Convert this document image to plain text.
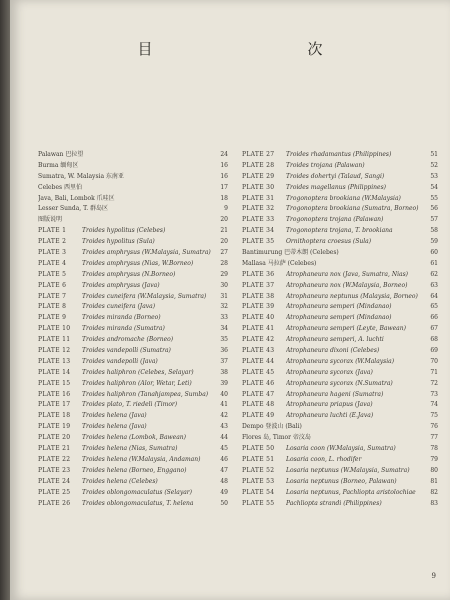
目　次
Palawan 巴拉望	24
Burma 缅甸区	16
Sumatra, W. Malaysia 东南亚	16
Celebes 西里伯	17
Java, Bali, Lombok 爪哇区	18
Lesser Sunda, T. 群岛区	9
图版说明	20
PLATE 1	Troides hypolitus (Celebes)	21
PLATE 2	Troides hypolitus (Sula)	20
PLATE 3	Troides amphrysus (W.Malaysia, Sumatra)	27
PLATE 4	Troides amphrysus (Nias, W.Borneo)	28
PLATE 5	Troides amphrysus (N.Borneo)	29
PLATE 6	Troides amphrysus (Java)	30
PLATE 7	Troides cuneifera (W.Malaysia, Sumatra)	31
PLATE 8	Troides cuneifera (Java)	32
PLATE 9	Troides miranda (Borneo)	33
PLATE 10	Troides miranda (Sumatra)	34
PLATE 11	Troides andromache (Borneo)	35
PLATE 12	Troides vandepolli (Sumatra)	36
PLATE 13	Troides vandepolli (Java)	37
PLATE 14	Troides haliphron (Celebes, Selayar)	38
PLATE 15	Troides haliphron (Alor, Wetar, Leti)	39
PLATE 16	Troides haliphron (Tanahjampea, Sumba)	40
PLATE 17	Troides plato, T. riedeli (Timor)	41
PLATE 18	Troides helena (Java)	42
PLATE 19	Troides helena (Java)	43
PLATE 20	Troides helena (Lombok, Bawean)	44
PLATE 21	Troides helena (Nias, Sumatra)	45
PLATE 22	Troides helena (W.Malaysia, Andaman)	46
PLATE 23	Troides helena (Borneo, Enggano)	47
PLATE 24	Troides helena (Celebes)	48
PLATE 25	Troides oblongomaculatus (Selayar)	49
PLATE 26	Troides oblongomaculatus, T. helena	50
PLATE 27	Troides rhadamantus (Philippines)	51
PLATE 28	Troides trojana (Palawan)	52
PLATE 29	Troides dohertyi (Talaud, Sangi)	53
PLATE 30	Troides magellanus (Philippines)	54
PLATE 31	Trogonoptera brookiana (W.Malaysia)	55
PLATE 32	Trogonoptera brookiana (Sumatra, Borneo)	56
PLATE 33	Trogonoptera trojana (Palawan)	57
PLATE 34	Trogonoptera trojana, T. brookiana	58
PLATE 35	Ornithoptera croesus (Sula)	59
Bantimurung 巴蒂木朗 (Celebes)	60
Mallasa 马拉萨 (Celebes)	61
PLATE 36	Atrophaneura nox (Java, Sumatra, Nias)	62
PLATE 37	Atrophaneura nox (W.Malaysia, Borneo)	63
PLATE 38	Atrophaneura neptunus (Malaysia, Borneo)	64
PLATE 39	Atrophaneura semperi (Mindanao)	65
PLATE 40	Atrophaneura semperi (Mindanao)	66
PLATE 41	Atrophaneura semperi (Leyte, Bawean)	67
PLATE 42	Atrophaneura semperi, A. luchti	68
PLATE 43	Atrophaneura dixoni (Celebes)	69
PLATE 44	Atrophaneura sycorax (W.Malaysia)	70
PLATE 45	Atrophaneura sycorax (Java)	71
PLATE 46	Atrophaneura sycorax (N.Sumatra)	72
PLATE 47	Atrophaneura hageni (Sumatra)	73
PLATE 48	Atrophaneura priapus (Java)	74
PLATE 49	Atrophaneura luchti (E.Java)	75
Dempo 登波山 (Bali)	76
Flores 岛, Timor 帝汶岛	77
PLATE 50	Losaria coon (W.Malaysia, Sumatra)	78
PLATE 51	Losaria coon, L. rhodifer	79
PLATE 52	Losaria neptunus (W.Malaysia, Sumatra)	80
PLATE 53	Losaria neptunus (Borneo, Palawan)	81
PLATE 54	Losaria neptunus, Pachliopta aristolochiae	82
PLATE 55	Pachliopta strandi (Philippines)	83
9
